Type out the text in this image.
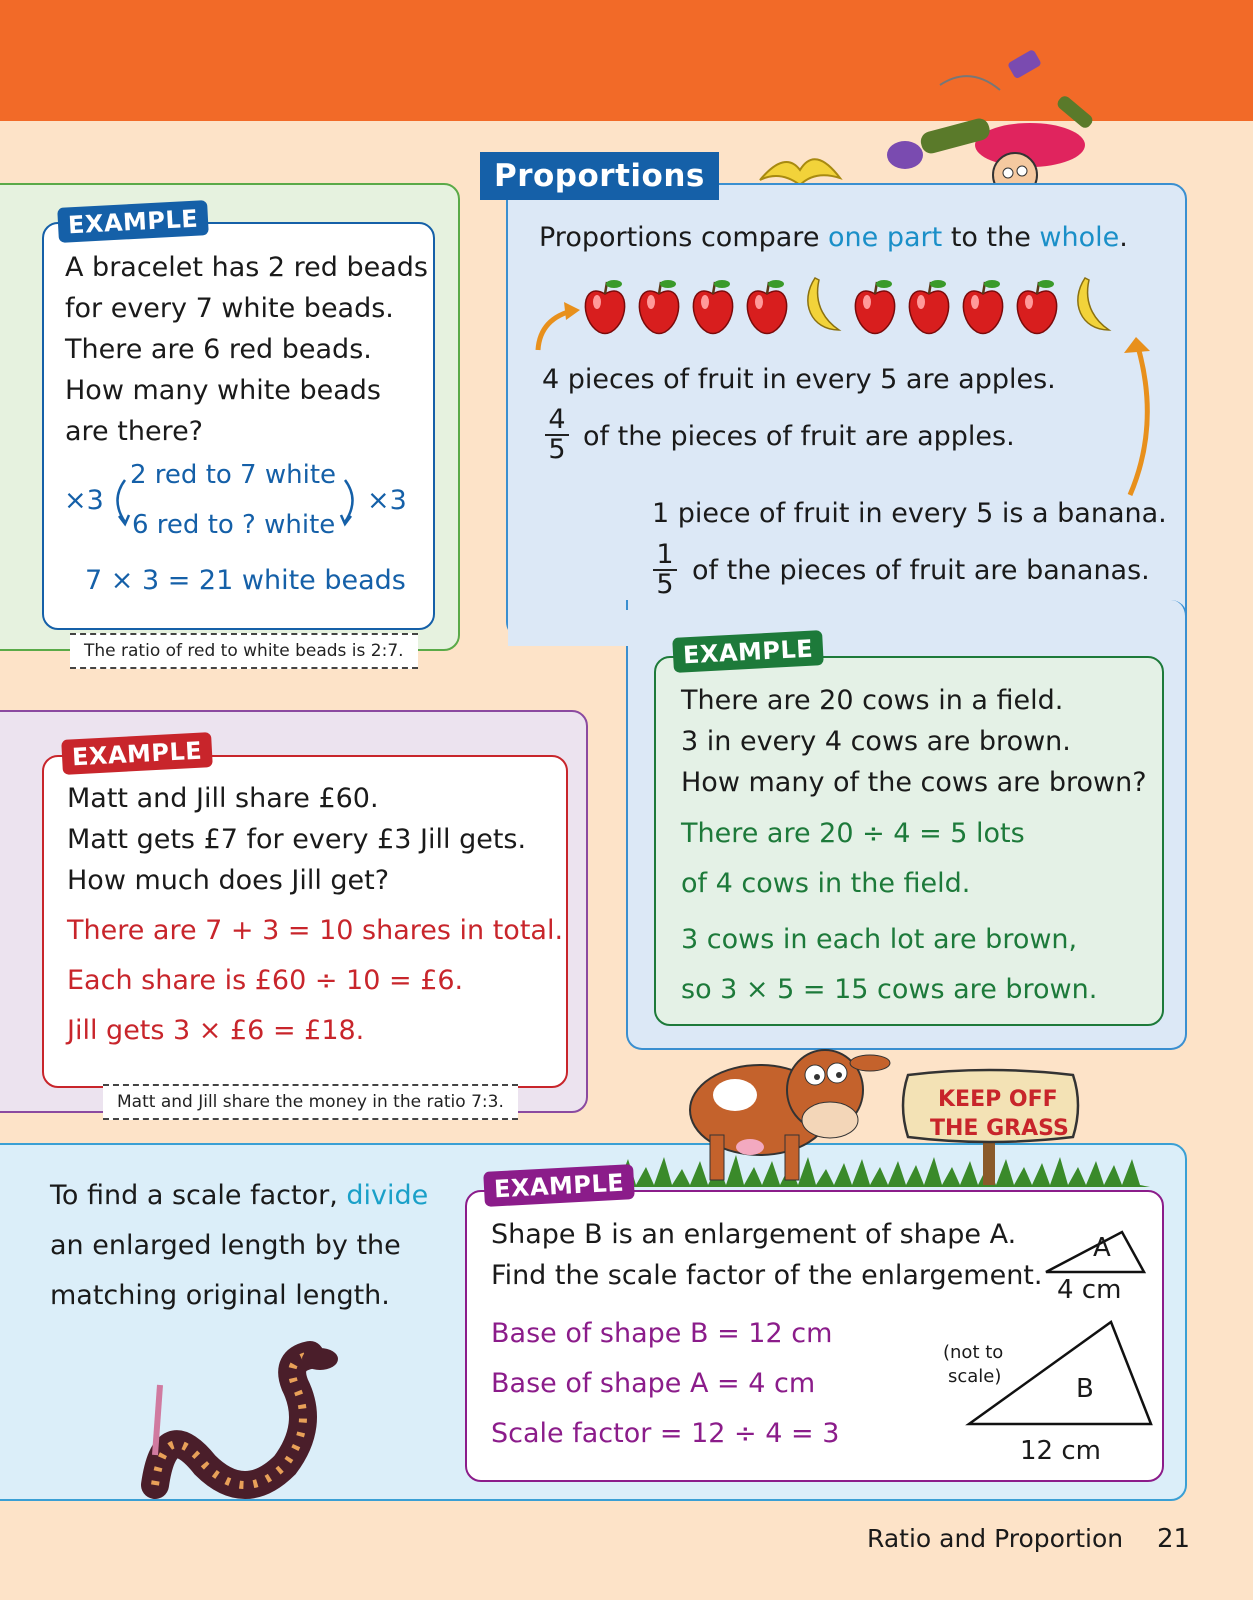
EXAMPLE
A bracelet has 2 red beads
for every 7 white beads.
There are 6 red beads.
How many white beads
are there?
×3
2 red to 7 white
6 red to ? white
×3
7 × 3 = 21 white beads
The ratio of red to white beads is 2:7.
Proportions
Proportions compare one part to the whole.
4 pieces of fruit in every 5 are apples.
4
5 of the pieces of fruit are apples.
1 piece of fruit in every 5 is a banana.
1
5 of the pieces of fruit are bananas.
EXAMPLE
There are 20 cows in a field.
3 in every 4 cows are brown.
How many of the cows are brown?
There are 20 ÷ 4 = 5 lots
of 4 cows in the field.
3 cows in each lot are brown,
so 3 × 5 = 15 cows are brown.
EXAMPLE
Matt and Jill share £60.
Matt gets £7 for every £3 Jill gets.
How much does Jill get?
There are 7 + 3 = 10 shares in total.
Each share is £60 ÷ 10 = £6.
Jill gets 3 × £6 = £18.
Matt and Jill share the money in the ratio 7:3.	KEEP OFF
THE GRASS
To find a scale factor, divide
an enlarged length by the
matching original length.
EXAMPLE
Shape B is an enlargement of shape A.
Find the scale factor of the enlargement.
Base of shape B = 12 cm
Base of shape A = 4 cm
Scale factor = 12 ÷ 4 = 3
A
4 cm
B
12 cm
(not to
scale)
Ratio and Proportion 21
